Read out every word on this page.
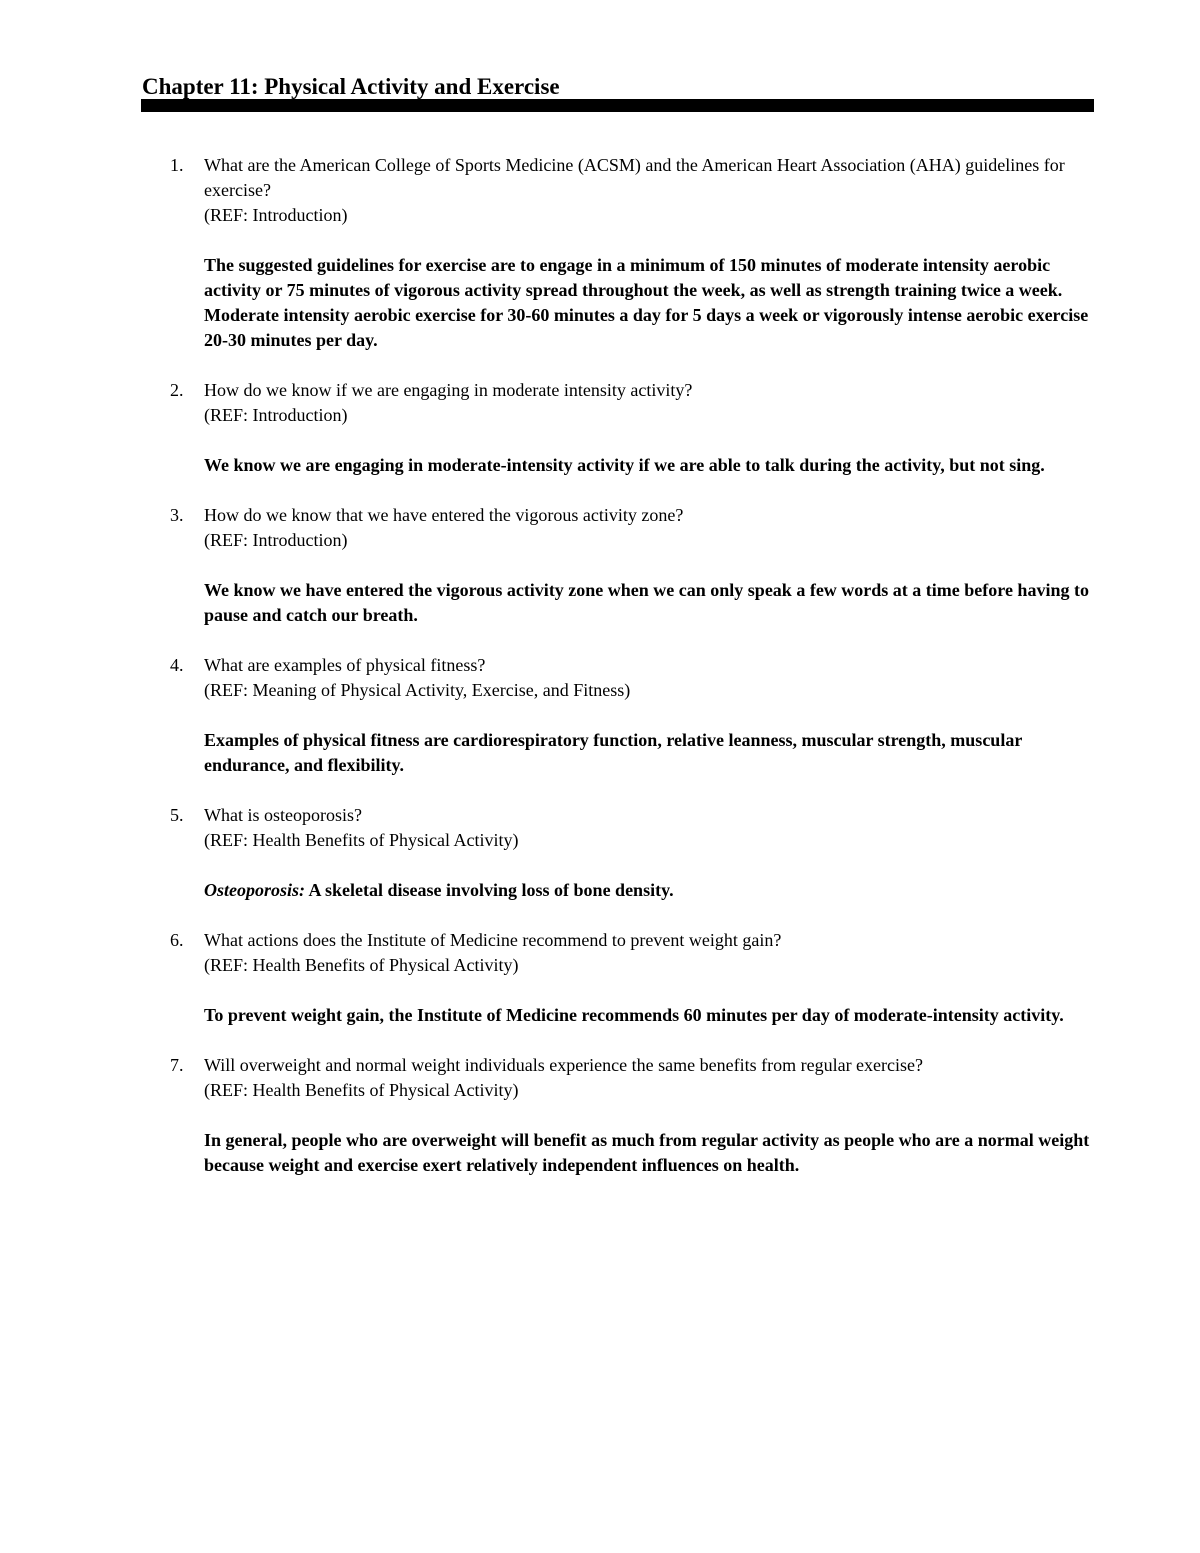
Chapter 11: Physical Activity and Exercise
1.	What are the American College of Sports Medicine (ACSM) and the American Heart Association (AHA) guidelines for exercise?
(REF: Introduction)
The suggested guidelines for exercise are to engage in a minimum of 150 minutes of moderate intensity aerobic activity or 75 minutes of vigorous activity spread throughout the week, as well as strength training twice a week.
Moderate intensity aerobic exercise for 30-60 minutes a day for 5 days a week or vigorously intense aerobic exercise 20-30 minutes per day.
2.	How do we know if we are engaging in moderate intensity activity?
(REF: Introduction)
We know we are engaging in moderate-intensity activity if we are able to talk during the activity, but not sing.
3.	How do we know that we have entered the vigorous activity zone?
(REF: Introduction)
We know we have entered the vigorous activity zone when we can only speak a few words at a time before having to pause and catch our breath.
4.	What are examples of physical fitness?
(REF: Meaning of Physical Activity, Exercise, and Fitness)
Examples of physical fitness are cardiorespiratory function, relative leanness, muscular strength, muscular endurance, and flexibility.
5.	What is osteoporosis?
(REF: Health Benefits of Physical Activity)
Osteoporosis: A skeletal disease involving loss of bone density.
6.	What actions does the Institute of Medicine recommend to prevent weight gain?
(REF: Health Benefits of Physical Activity)
To prevent weight gain, the Institute of Medicine recommends 60 minutes per day of moderate-intensity activity.
7.	Will overweight and normal weight individuals experience the same benefits from regular exercise?
(REF: Health Benefits of Physical Activity)
In general, people who are overweight will benefit as much from regular activity as people who are a normal weight because weight and exercise exert relatively independent influences on health.
